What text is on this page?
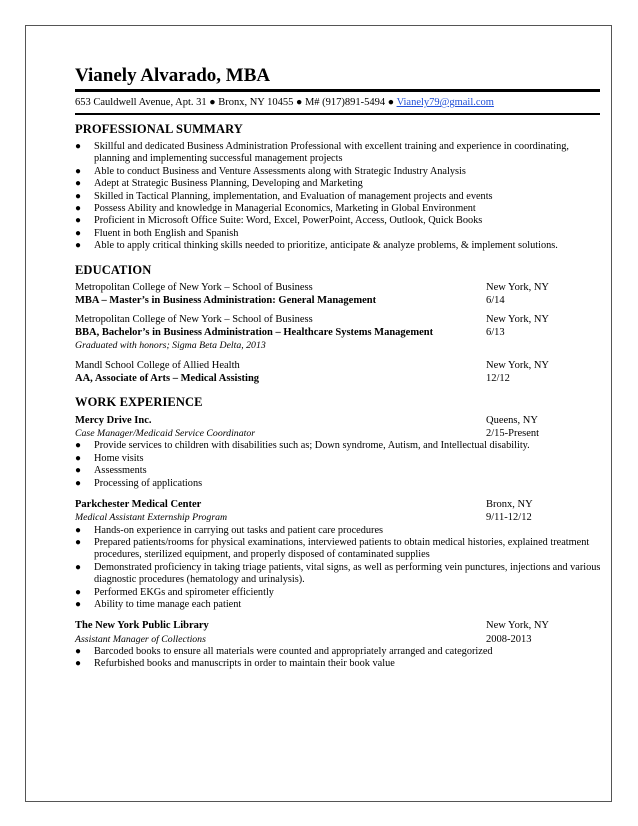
Vianely Alvarado, MBA
653 Cauldwell Avenue, Apt. 31 ● Bronx, NY 10455 ● M# (917)891-5494 ● Vianely79@gmail.com
PROFESSIONAL SUMMARY
● Skillful and dedicated Business Administration Professional with excellent training and experience in coordinating, planning and implementing successful management projects
● Able to conduct Business and Venture Assessments along with Strategic Industry Analysis
● Adept at Strategic Business Planning, Developing and Marketing
● Skilled in Tactical Planning, implementation, and Evaluation of management projects and events
● Possess Ability and knowledge in Managerial Economics, Marketing in Global Environment
● Proficient in Microsoft Office Suite: Word, Excel, PowerPoint, Access, Outlook, Quick Books
● Fluent in both English and Spanish
● Able to apply critical thinking skills needed to prioritize, anticipate & analyze problems, & implement solutions.
EDUCATION
Metropolitan College of New York – School of Business	New York, NY
MBA – Master’s in Business Administration: General Management	6/14
Metropolitan College of New York – School of Business	New York, NY
BBA, Bachelor’s in Business Administration – Healthcare Systems Management	6/13
Graduated with honors; Sigma Beta Delta, 2013
Mandl School College of Allied Health	New York, NY
AA, Associate of Arts – Medical Assisting	12/12
WORK EXPERIENCE
Mercy Drive Inc.	Queens, NY
Case Manager/Medicaid Service Coordinator	2/15-Present
● Provide services to children with disabilities such as; Down syndrome, Autism, and Intellectual disability.
● Home visits
● Assessments
● Processing of applications
Parkchester Medical Center	Bronx, NY
Medical Assistant Externship Program	9/11-12/12
● Hands-on experience in carrying out tasks and patient care procedures
● Prepared patients/rooms for physical examinations, interviewed patients to obtain medical histories, explained treatment procedures, sterilized equipment, and properly disposed of contaminated supplies
● Demonstrated proficiency in taking triage patients, vital signs, as well as performing vein punctures, injections and various diagnostic procedures (hematology and urinalysis).
● Performed EKGs and spirometer efficiently
● Ability to time manage each patient
The New York Public Library	New York, NY
Assistant Manager of Collections	2008-2013
● Barcoded books to ensure all materials were counted and appropriately arranged and categorized
● Refurbished books and manuscripts in order to maintain their book value
